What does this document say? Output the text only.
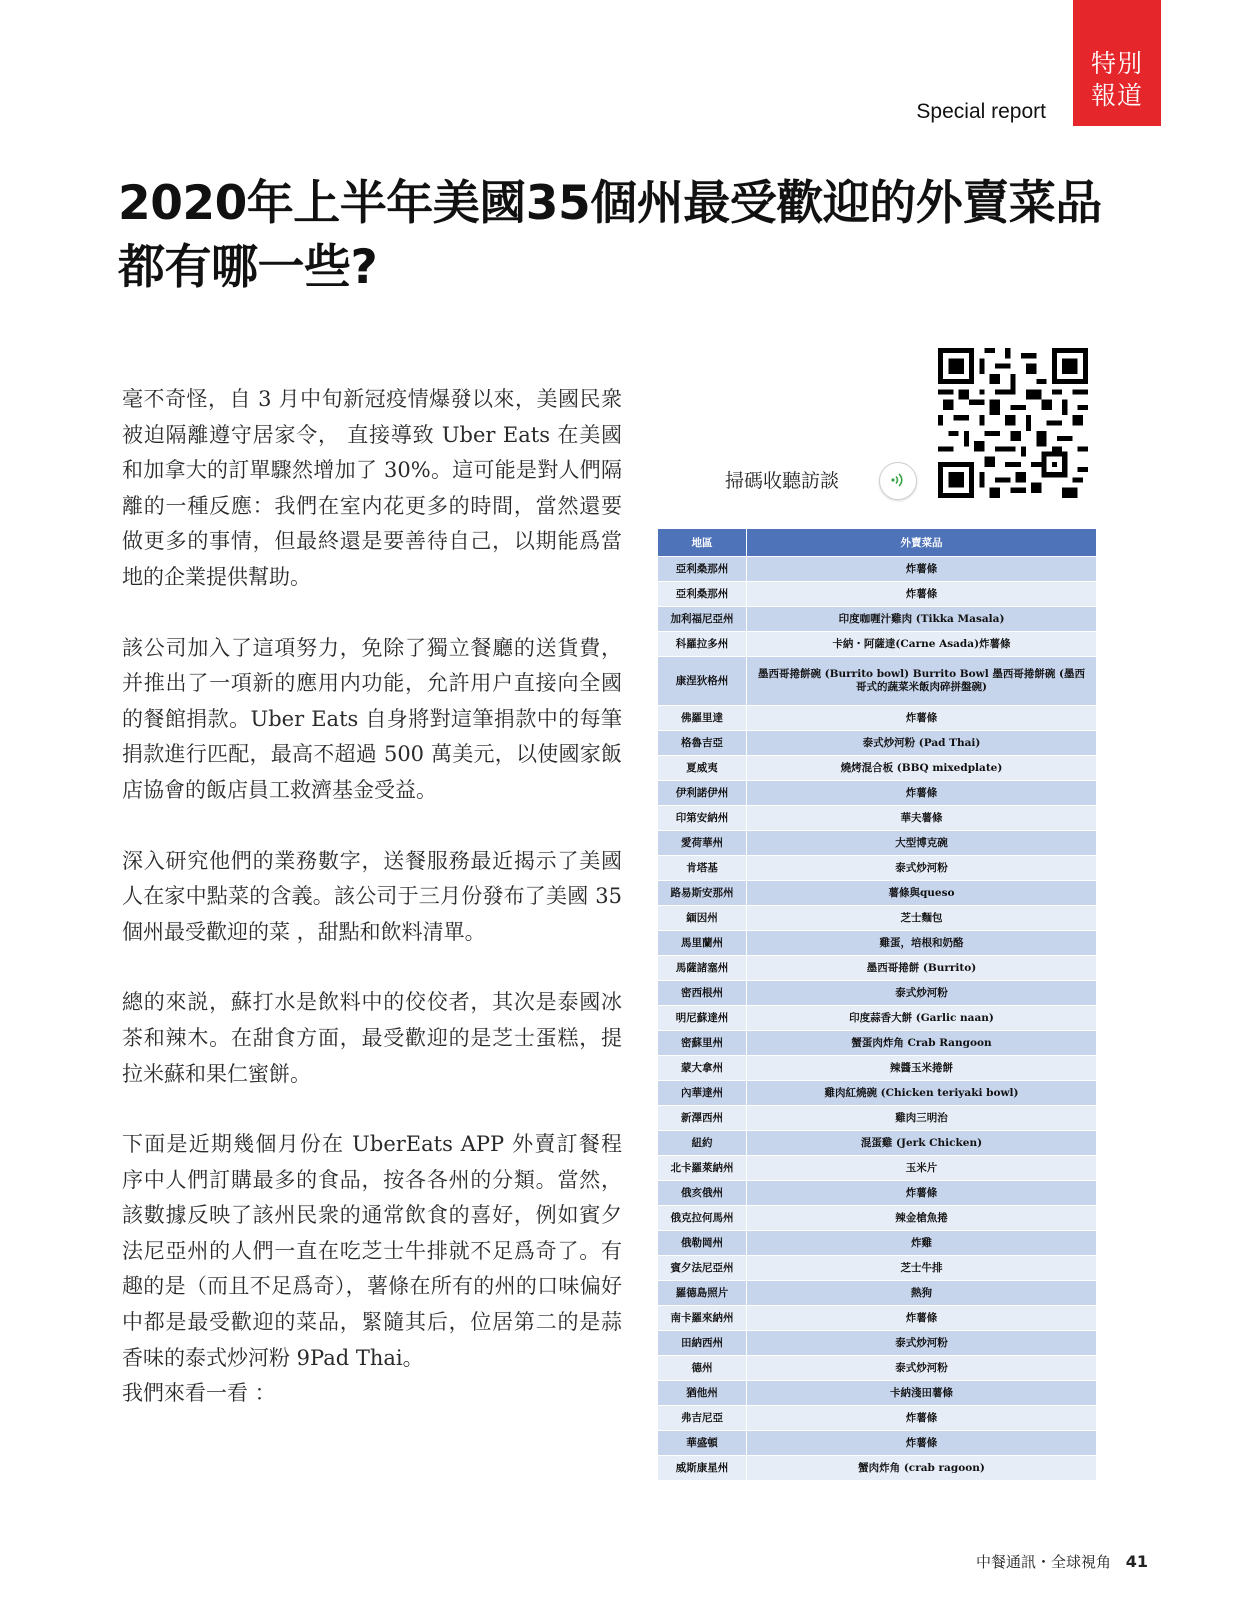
特別
報道
Special report
2020年上半年美國35個州最受歡迎的外賣菜品都有哪一些?

毫不奇怪，自 3 月中旬新冠疫情爆發以來，美國民衆被迫隔離遵守居家令， 直接導致 Uber Eats 在美國和加拿大的訂單驟然增加了 30%。這可能是對人們隔離的一種反應：我們在室内花更多的時間，當然還要做更多的事情，但最終還是要善待自己，以期能爲當地的企業提供幫助。

該公司加入了這項努力，免除了獨立餐廳的送貨費，并推出了一項新的應用内功能，允許用户直接向全國的餐館捐款。Uber Eats 自身將對這筆捐款中的每筆捐款進行匹配，最高不超過 500 萬美元，以使國家飯店協會的飯店員工救濟基金受益。

深入研究他們的業務數字，送餐服務最近揭示了美國人在家中點菜的含義。該公司于三月份發布了美國 35 個州最受歡迎的菜 ，甜點和飲料清單。

總的來説，蘇打水是飲料中的佼佼者，其次是泰國冰茶和辣木。在甜食方面，最受歡迎的是芝士蛋糕，提拉米蘇和果仁蜜餅。

下面是近期幾個月份在 UberEats APP 外賣訂餐程序中人們訂購最多的食品，按各各州的分類。當然，該數據反映了該州民衆的通常飲食的喜好，例如賓夕法尼亞州的人們一直在吃芝士牛排就不足爲奇了。有趣的是（而且不足爲奇），薯條在所有的州的口味偏好中都是最受歡迎的菜品，緊隨其后，位居第二的是蒜香味的泰式炒河粉 9Pad Thai。

我們來看一看 ：

掃碼收聽訪談
地區	外賣菜品
亞利桑那州	炸薯條
亞利桑那州	炸薯條
加利福尼亞州	印度咖喱汁雞肉 (Tikka Masala)
科羅拉多州	卡納・阿薩達(Carne Asada)炸薯條
康涅狄格州	墨西哥捲餅碗 (Burrito bowl) Burrito Bowl 墨西哥捲餅碗 (墨西哥式的蔬菜米飯肉碎拼盤碗)
佛羅里達	炸薯條
格魯吉亞	泰式炒河粉 (Pad Thai)
夏威夷	燒烤混合板 (BBQ mixedplate)
伊利諾伊州	炸薯條
印第安納州	華夫薯條
愛荷華州	大型博克碗
肯塔基	泰式炒河粉
路易斯安那州	薯條與queso
緬因州	芝士麵包
馬里蘭州	雞蛋，培根和奶酪
馬薩諸塞州	墨西哥捲餅 (Burrito)
密西根州	泰式炒河粉
明尼蘇達州	印度蒜香大餅 (Garlic naan)
密蘇里州	蟹蛋肉炸角 Crab Rangoon
蒙大拿州	辣醬玉米捲餅
內華達州	雞肉紅燒碗 (Chicken teriyaki bowl)
新澤西州	雞肉三明治
紐約	混蛋雞 (Jerk Chicken)
北卡羅萊納州	玉米片
俄亥俄州	炸薯條
俄克拉何馬州	辣金槍魚捲
俄勒岡州	炸雞
賓夕法尼亞州	芝士牛排
羅德島照片	熱狗
南卡羅來納州	炸薯條
田納西州	泰式炒河粉
德州	泰式炒河粉
猶他州	卡納淺田薯條
弗吉尼亞	炸薯條
華盛頓	炸薯條
威斯康星州	蟹肉炸角 (crab ragoon)
中餐通訊・全球視角 41
